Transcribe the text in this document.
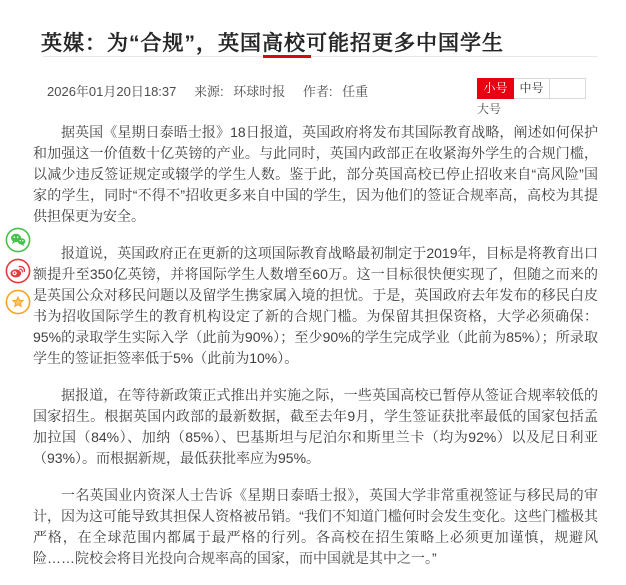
英媒：为“合规”，英国高校可能招更多中国学生
2026年01月20日18:37 来源: 环球时报 作者: 任重	小号 中号
大号

据英国《星期日泰晤士报》18日报道，英国政府将发布其国际教育战略，阐述如何保护和加强这一价值数十亿英镑的产业。与此同时，英国内政部正在收紧海外学生的合规门槛，以减少违反签证规定或辍学的学生人数。鉴于此，部分英国高校已停止招收来自“高风险”国家的学生，同时“不得不”招收更多来自中国的学生，因为他们的签证合规率高，高校为其提供担保更为安全。

报道说，英国政府正在更新的这项国际教育战略最初制定于2019年，目标是将教育出口额提升至350亿英镑，并将国际学生人数增至60万。这一目标很快便实现了，但随之而来的是英国公众对移民问题以及留学生携家属入境的担忧。于是，英国政府去年发布的移民白皮书为招收国际学生的教育机构设定了新的合规门槛。为保留其担保资格，大学必须确保：95%的录取学生实际入学（此前为90%）；至少90%的学生完成学业（此前为85%）；所录取学生的签证拒签率低于5%（此前为10%）。

据报道，在等待新政策正式推出并实施之际，一些英国高校已暂停从签证合规率较低的国家招生。根据英国内政部的最新数据，截至去年9月，学生签证获批率最低的国家包括孟加拉国（84%）、加纳（85%）、巴基斯坦与尼泊尔和斯里兰卡（均为92%）以及尼日利亚（93%）。而根据新规，最低获批率应为95%。

一名英国业内资深人士告诉《星期日泰晤士报》，英国大学非常重视签证与移民局的审计，因为这可能导致其担保人资格被吊销。“我们不知道门槛何时会发生变化。这些门槛极其严格，在全球范围内都属于最严格的行列。各高校在招生策略上必须更加谨慎，规避风险……院校会将目光投向合规率高的国家，而中国就是其中之一。”
